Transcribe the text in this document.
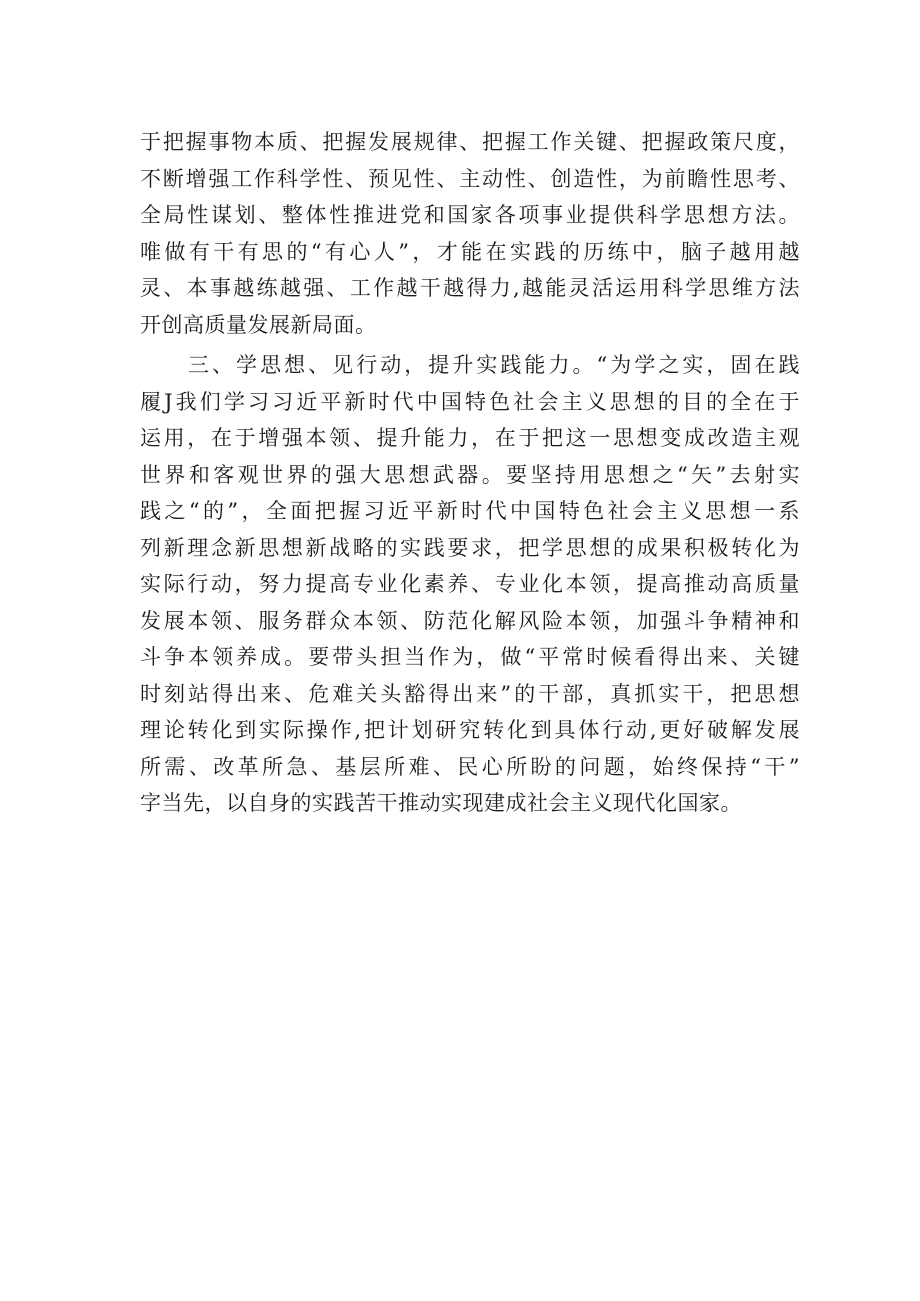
于把握事物本质、把握发展规律、把握工作关键、把握政策尺度，
不断增强工作科学性、预见性、主动性、创造性，为前瞻性思考、
全局性谋划、整体性推进党和国家各项事业提供科学思想方法。
唯做有干有思的“有心人”，才能在实践的历练中，脑子越用越
灵、本事越练越强、工作越干越得力,越能灵活运用科学思维方法
开创高质量发展新局面。
三、学思想、见行动，提升实践能力。“为学之实，固在践
履J我们学习习近平新时代中国特色社会主义思想的目的全在于
运用，在于增强本领、提升能力，在于把这一思想变成改造主观
世界和客观世界的强大思想武器。要坚持用思想之“矢”去射实
践之“的”，全面把握习近平新时代中国特色社会主义思想一系
列新理念新思想新战略的实践要求，把学思想的成果积极转化为
实际行动，努力提高专业化素养、专业化本领，提高推动高质量
发展本领、服务群众本领、防范化解风险本领，加强斗争精神和
斗争本领养成。要带头担当作为，做“平常时候看得出来、关键
时刻站得出来、危难关头豁得出来”的干部，真抓实干，把思想
理论转化到实际操作,把计划研究转化到具体行动,更好破解发展
所需、改革所急、基层所难、民心所盼的问题，始终保持“干”
字当先，以自身的实践苦干推动实现建成社会主义现代化国家。
